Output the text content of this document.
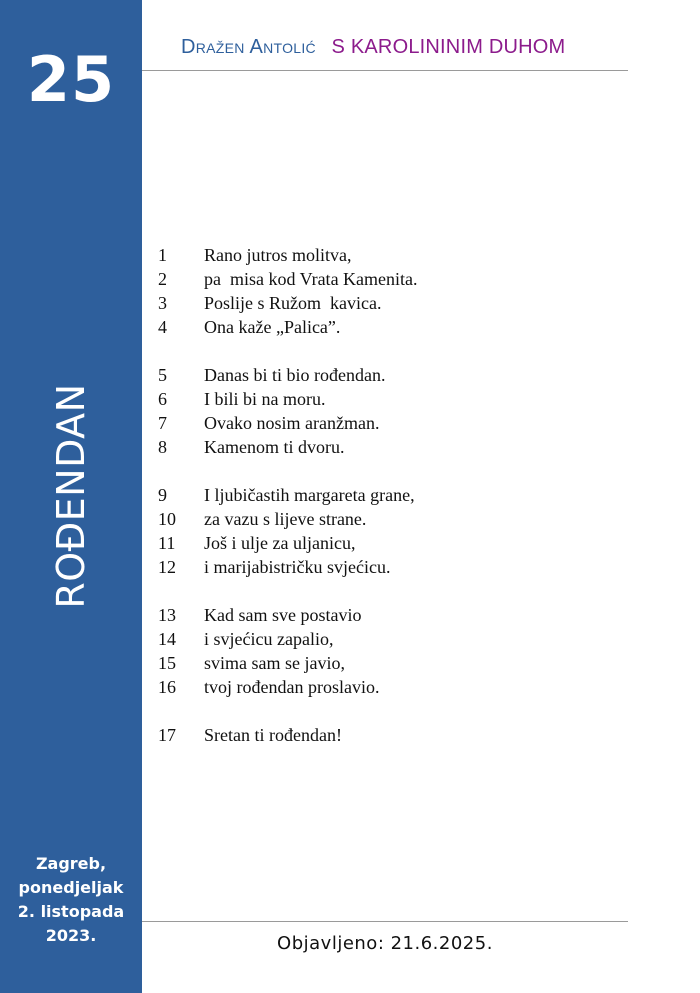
25
ROĐENDAN
Zagreb,
ponedjeljak
2. listopada
2023.
Dražen Antolić S KAROLININIM DUHOM
1	Rano jutros molitva,
2	pa  misa kod Vrata Kamenita.
3	Poslije s Ružom  kavica.
4	Ona kaže „Palica”.
5	Danas bi ti bio rođendan.
6	I bili bi na moru.
7	Ovako nosim aranžman.
8	Kamenom ti dvoru.
9	I ljubičastih margareta grane,
10	za vazu s lijeve strane.
11	Još i ulje za uljanicu,
12	i marijabistričku svjećicu.
13	Kad sam sve postavio
14	i svjećicu zapalio,
15	svima sam se javio,
16	tvoj rođendan proslavio.
17	Sretan ti rođendan!
Objavljeno: 21.6.2025.
